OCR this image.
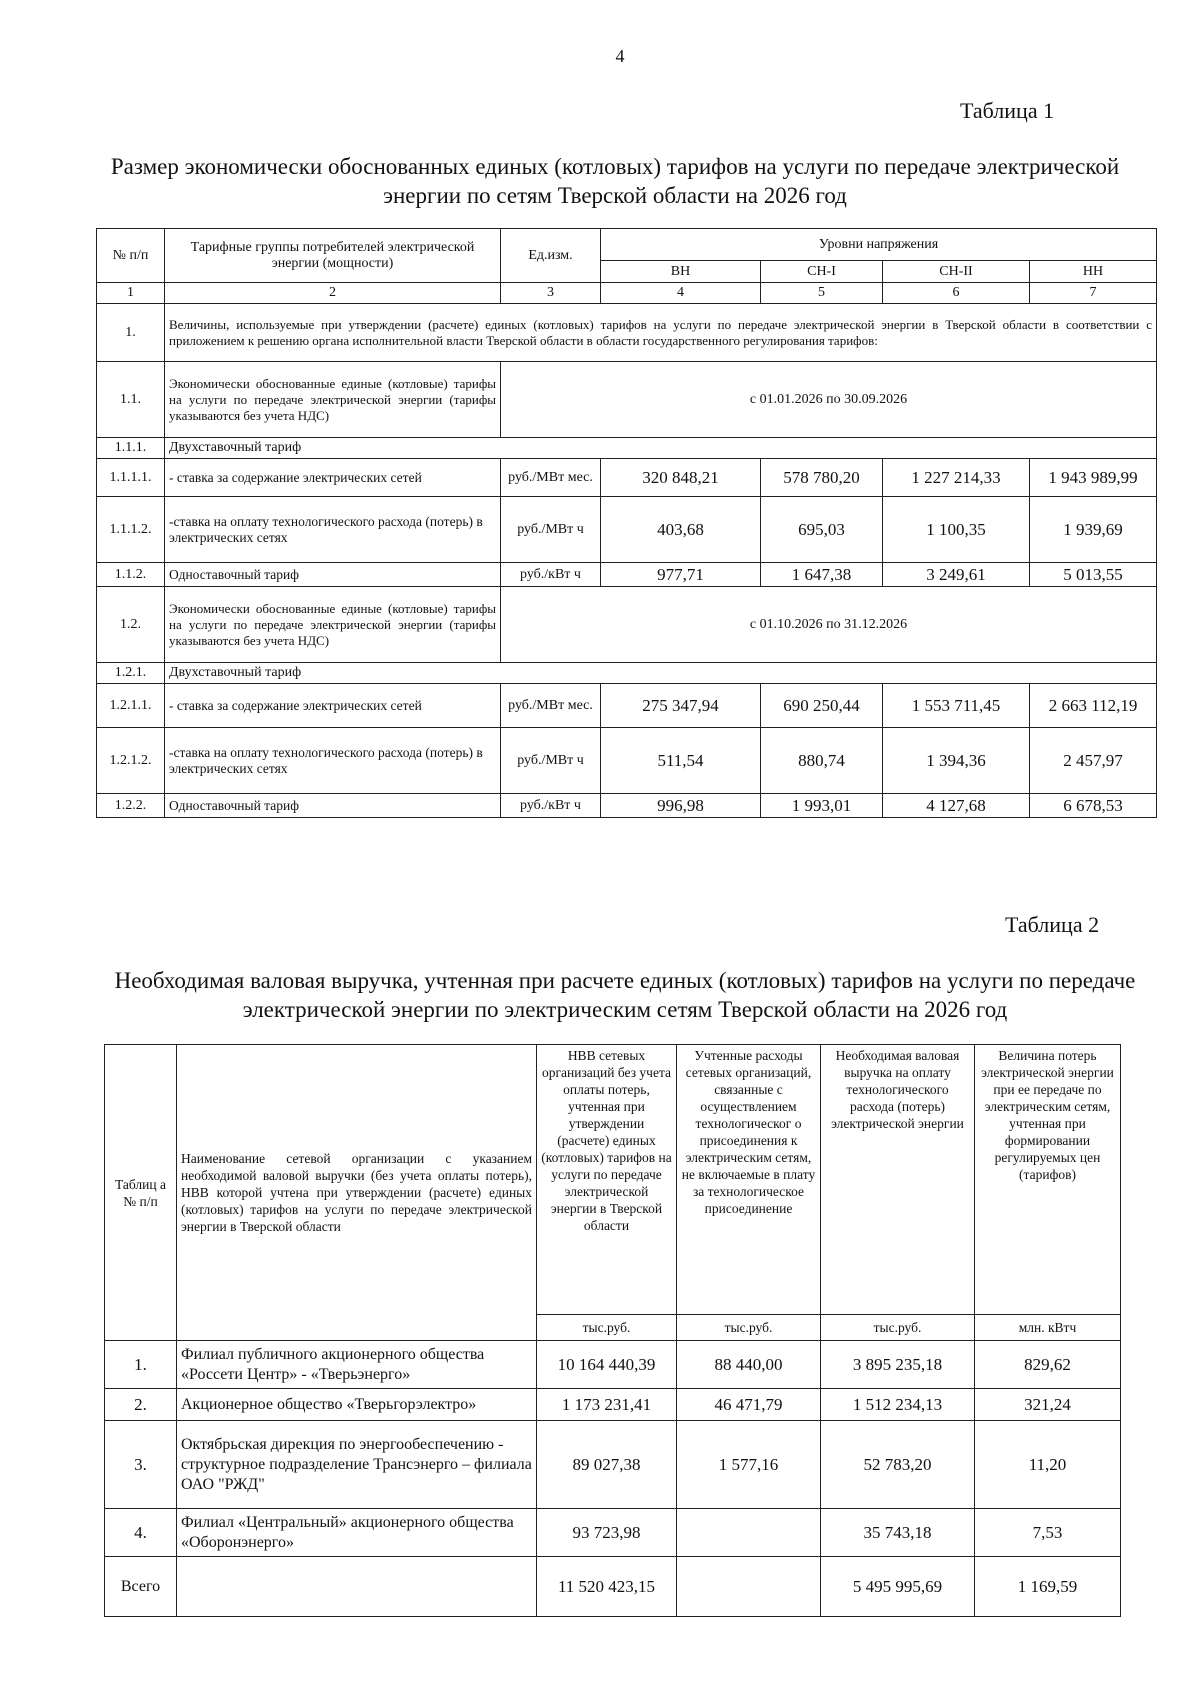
4
Таблица 1
Размер экономически обоснованных единых (котловых) тарифов на услуги по передаче электрической энергии по сетям Тверской области на 2026 год
№ п/п	Тарифные группы потребителей электрической энергии (мощности)	Ед.изм.	Уровни напряжения			
			ВН	СН-I	СН-II	НН
1	2	3	4	5	6	7
1.	Величины, используемые при утверждении (расчете) единых (котловых) тарифов на услуги по передаче электрической энергии в Тверской области в соответствии с приложением к решению органа исполнительной власти Тверской области в области государственного регулирования тарифов:					
1.1.	Экономически обоснованные единые (котловые) тарифы на услуги по передаче электрической энергии (тарифы указываются без учета НДС)	с 01.01.2026 по 30.09.2026				
1.1.1.	Двухставочный тариф					
1.1.1.1.	- ставка за содержание электрических сетей	руб./МВт мес.	320 848,21	578 780,20	1 227 214,33	1 943 989,99
1.1.1.2.	-ставка на оплату технологического расхода (потерь) в электрических сетях	руб./МВт ч	403,68	695,03	1 100,35	1 939,69
1.1.2.	Одноставочный тариф	руб./кВт ч	977,71	1 647,38	3 249,61	5 013,55
1.2.	Экономически обоснованные единые (котловые) тарифы на услуги по передаче электрической энергии (тарифы указываются без учета НДС)	с 01.10.2026 по 31.12.2026				
1.2.1.	Двухставочный тариф					
1.2.1.1.	- ставка за содержание электрических сетей	руб./МВт мес.	275 347,94	690 250,44	1 553 711,45	2 663 112,19
1.2.1.2.	-ставка на оплату технологического расхода (потерь) в электрических сетях	руб./МВт ч	511,54	880,74	1 394,36	2 457,97
1.2.2.	Одноставочный тариф	руб./кВт ч	996,98	1 993,01	4 127,68	6 678,53
Таблица 2
Необходимая валовая выручка, учтенная при расчете единых (котловых) тарифов на услуги по передаче электрической энергии по электрическим сетям Тверской области на 2026 год
Таблиц а № п/п	Наименование сетевой организации с указанием необходимой валовой выручки (без учета оплаты потерь), НВВ которой учтена при утверждении (расчете) единых (котловых) тарифов на услуги по передаче электрической энергии в Тверской области	НВВ сетевых организаций без учета оплаты потерь, учтенная при утверждении (расчете) единых (котловых) тарифов на услуги по передаче электрической энергии в Тверской области	Учтенные расходы сетевых организаций, связанные с осуществлением технологическог о присоединения к электрическим сетям, не включаемые в плату за технологическое присоединение	Необходимая валовая выручка на оплату технологического расхода (потерь) электрической энергии	Величина потерь электрической энергии при ее передаче по электрическим сетям, учтенная при формировании регулируемых цен (тарифов)
		тыс.руб.	тыс.руб.	тыс.руб.	млн. кВтч
1.	Филиал публичного акционерного общества «Россети Центр» - «Тверьэнерго»	10 164 440,39	88 440,00	3 895 235,18	829,62
2.	Акционерное общество «Тверьгорэлектро»	1 173 231,41	46 471,79	1 512 234,13	321,24
3.	Октябрьская дирекция по энергообеспечению - структурное подразделение Трансэнерго – филиала ОАО "РЖД"	89 027,38	1 577,16	52 783,20	11,20
4.	Филиал «Центральный» акционерного общества «Оборонэнерго»	93 723,98		35 743,18	7,53
Всего		11 520 423,15		5 495 995,69	1 169,59
